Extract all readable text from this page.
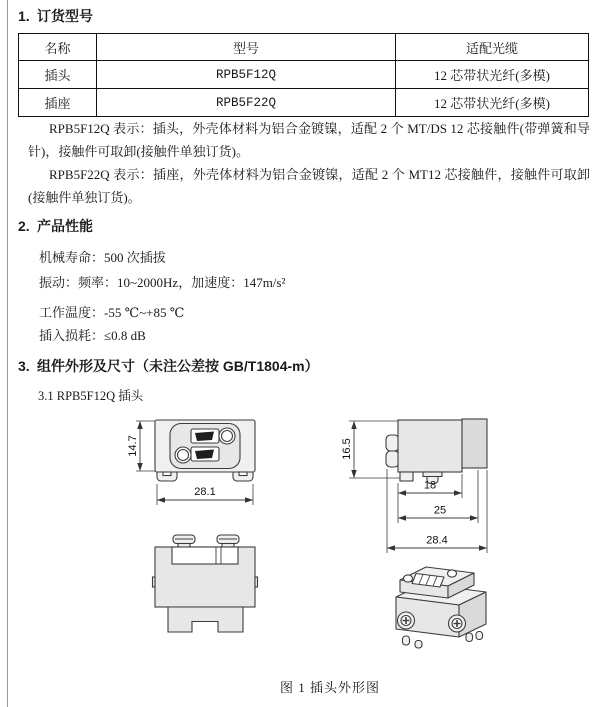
1. 订货型号
名称	型号	适配光缆
插头	RPB5F12Q	12 芯带状光纤(多模)
插座	RPB5F22Q	12 芯带状光纤(多模)

RPB5F12Q 表示：插头，外壳体材料为铝合金镀镍，适配 2 个 MT/DS 12 芯接触件(带弹簧和导针)，接触件可取卸(接触件单独订货)。

RPB5F22Q 表示：插座，外壳体材料为铝合金镀镍，适配 2 个 MT12 芯接触件，接触件可取卸(接触件单独订货)。

2. 产品性能
机械寿命：500 次插拔
振动：频率：10~2000Hz，加速度：147m/s²
工作温度：-55 ℃~+85 ℃
插入损耗：≤0.8 dB
3. 组件外形及尺寸（未注公差按 GB/T1804-m）
3.1 RPB5F12Q 插头
14.7
28.1
16.5
18
25
28.4
图 1 插头外形图
